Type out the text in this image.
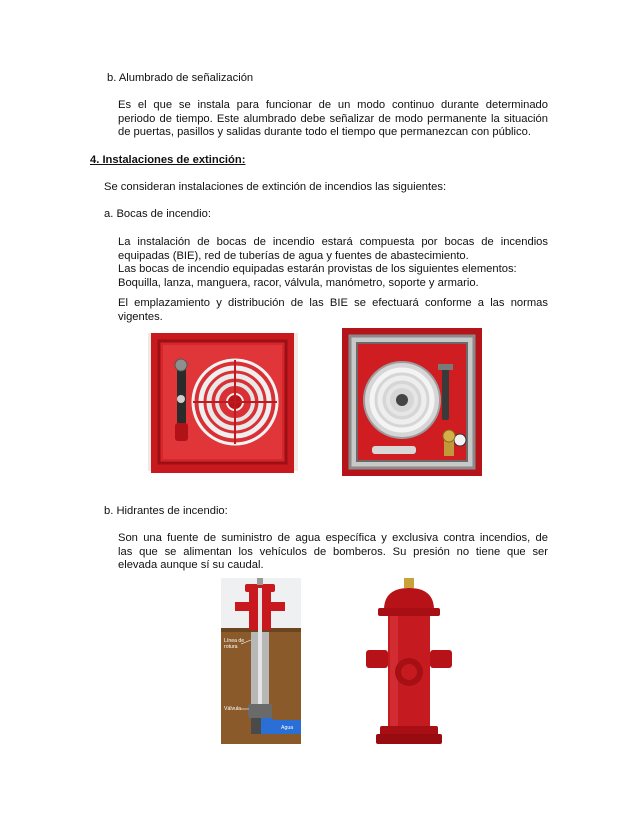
b. Alumbrado de señalización
Es el que se instala para funcionar de un modo continuo durante determinado
periodo de tiempo. Este alumbrado debe señalizar de modo permanente la situación
de puertas, pasillos y salidas durante todo el tiempo que permanezcan con público.
4. Instalaciones de extinción:
Se consideran instalaciones de extinción de incendios las siguientes:
a. Bocas de incendio:
La instalación de bocas de incendio estará compuesta por bocas de incendios
equipadas (BIE), red de tuberías de agua y fuentes de abastecimiento.
Las bocas de incendio equipadas estarán provistas de los siguientes elementos:
Boquilla, lanza, manguera, racor, válvula, manómetro, soporte y armario.
El emplazamiento y distribución de las BIE se efectuará conforme a las normas
vigentes.
b. Hidrantes de incendio:
Son una fuente de suministro de agua específica y exclusiva contra incendios, de
las que se alimentan los vehículos de bomberos. Su presión no tiene que ser
elevada aunque sí su caudal.
Línea de
rotura
Válvula
Agua
